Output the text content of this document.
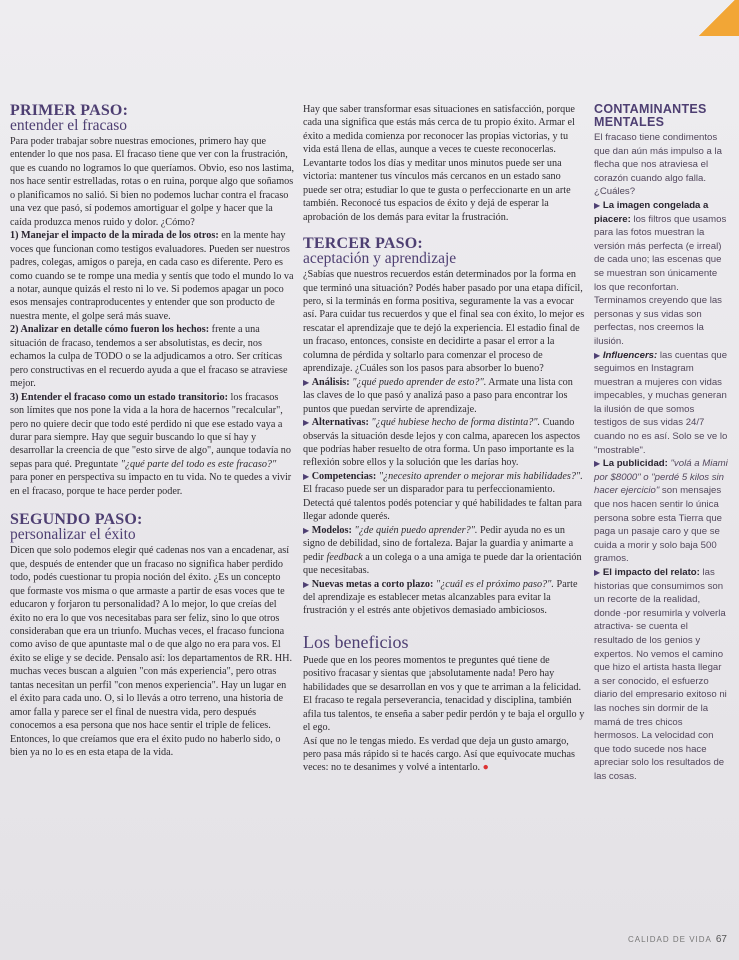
PRIMER PASO:
entender el fracaso

Para poder trabajar sobre nuestras emociones, primero hay que entender lo que nos pasa. El fracaso tiene que ver con la frustración, que es cuando no logramos lo que queríamos. Obvio, eso nos lastima, nos hace sentir estrelladas, rotas o en ruina, porque algo que soñamos o planificamos no salió. Si bien no podemos luchar contra el fracaso una vez que pasó, sí podemos amortiguar el golpe y hacer que la caída produzca menos ruido y dolor. ¿Cómo?

1) Manejar el impacto de la mirada de los otros: en la mente hay voces que funcionan como testigos evaluadores. Pueden ser nuestros padres, colegas, amigos o pareja, en cada caso es diferente. Pero es como cuando se te rompe una media y sentís que todo el mundo lo va a notar, aunque quizás el resto ni lo ve. Si podemos apagar un poco esos mensajes contraproducentes y entender que son producto de nuestra mente, el golpe será más suave.

2) Analizar en detalle cómo fueron los hechos: frente a una situación de fracaso, tendemos a ser absolutistas, es decir, nos echamos la culpa de TODO o se la adjudicamos a otro. Ser críticas pero constructivas en el recuerdo ayuda a que el fracaso se atraviese mejor.

3) Entender el fracaso como un estado transitorio: los fracasos son límites que nos pone la vida a la hora de hacernos "recalcular", pero no quiere decir que todo esté perdido ni que ese estado vaya a durar para siempre. Hay que seguir buscando lo que sí hay y desarrollar la creencia de que "esto sirve de algo", aunque todavía no sepas para qué. Preguntate "¿qué parte del todo es este fracaso?" para poner en perspectiva su impacto en tu vida. No te quedes a vivir en el fracaso, porque te hace perder poder.

SEGUNDO PASO:
personalizar el éxito

Dicen que solo podemos elegir qué cadenas nos van a encadenar, así que, después de entender que un fracaso no significa haber perdido todo, podés cuestionar tu propia noción del éxito. ¿Es un concepto que formaste vos misma o que armaste a partir de esas voces que te educaron y forjaron tu personalidad? A lo mejor, lo que creías del éxito no era lo que vos necesitabas para ser feliz, sino lo que otros consideraban que era un triunfo. Muchas veces, el fracaso funciona como aviso de que apuntaste mal o de que algo no era para vos. El éxito se elige y se decide. Pensalo así: los departamentos de RR. HH. muchas veces buscan a alguien "con más experiencia", pero otras tantas necesitan un perfil "con menos experiencia". Hay un lugar en el éxito para cada uno. O, si lo llevás a otro terreno, una historia de amor falla y parece ser el final de nuestra vida, pero después conocemos a esa persona que nos hace sentir el triple de felices. Entonces, lo que creíamos que era el éxito pudo no haberlo sido, o bien ya no lo es en esta etapa de la vida.

Hay que saber transformar esas situaciones en satisfacción, porque cada una significa que estás más cerca de tu propio éxito. Armar el éxito a medida comienza por reconocer las propias victorias, y tu vida está llena de ellas, aunque a veces te cueste reconocerlas. Levantarte todos los días y meditar unos minutos puede ser una victoria: mantener tus vínculos más cercanos en un estado sano puede ser otra; estudiar lo que te gusta o perfeccionarte en un arte también. Reconocé tus espacios de éxito y dejá de esperar la aprobación de los demás para evitar la frustración.

TERCER PASO:
aceptación y aprendizaje

¿Sabías que nuestros recuerdos están determinados por la forma en que terminó una situación? Podés haber pasado por una etapa difícil, pero, si la terminás en forma positiva, seguramente la vas a evocar así. Para cuidar tus recuerdos y que el final sea con éxito, lo mejor es rescatar el aprendizaje que te dejó la experiencia. El estadio final de un fracaso, entonces, consiste en decidirte a pasar el error a la columna de pérdida y soltarlo para comenzar el proceso de aprendizaje. ¿Cuáles son los pasos para absorber lo bueno?

▶ Análisis: "¿qué puedo aprender de esto?". Armate una lista con las claves de lo que pasó y analizá paso a paso para encontrar los puntos que puedan servirte de aprendizaje.

▶ Alternativas: "¿qué hubiese hecho de forma distinta?". Cuando observás la situación desde lejos y con calma, aparecen los aspectos que podrías haber resuelto de otra forma. Un paso importante es la reflexión sobre ellos y la solución que les darías hoy.

▶ Competencias: "¿necesito aprender o mejorar mis habilidades?". El fracaso puede ser un disparador para tu perfeccionamiento. Detectá qué talentos podés potenciar y qué habilidades te faltan para llegar adonde querés.

▶ Modelos: "¿de quién puedo aprender?". Pedir ayuda no es un signo de debilidad, sino de fortaleza. Bajar la guardia y animarte a pedir feedback a un colega o a una amiga te puede dar la orientación que necesitabas.

▶ Nuevas metas a corto plazo: "¿cuál es el próximo paso?". Parte del aprendizaje es establecer metas alcanzables para evitar la frustración y el estrés ante objetivos demasiado ambiciosos.

Los beneficios

Puede que en los peores momentos te preguntes qué tiene de positivo fracasar y sientas que ¡absolutamente nada! Pero hay habilidades que se desarrollan en vos y que te arriman a la felicidad. El fracaso te regala perseverancia, tenacidad y disciplina, también afila tus talentos, te enseña a saber pedir perdón y te baja el orgullo y el ego.

Así que no le tengas miedo. Es verdad que deja un gusto amargo, pero pasa más rápido si te hacés cargo. Así que equivocate muchas veces: no te desanimes y volvé a intentarlo. ●

CONTAMINANTES MENTALES

El fracaso tiene condimentos que dan aún más impulso a la flecha que nos atraviesa el corazón cuando algo falla. ¿Cuáles?

▶ La imagen congelada a piacere: los filtros que usamos para las fotos muestran la versión más perfecta (e irreal) de cada uno; las escenas que se muestran son únicamente los que reconfortan. Terminamos creyendo que las personas y sus vidas son perfectas, nos creemos la ilusión.

▶ Influencers: las cuentas que seguimos en Instagram muestran a mujeres con vidas impecables, y muchas generan la ilusión de que somos testigos de sus vidas 24/7 cuando no es así. Solo se ve lo "mostrable".

▶ La publicidad: "volá a Miami por $8000" o "perdé 5 kilos sin hacer ejercicio" son mensajes que nos hacen sentir lo única persona sobre esta Tierra que paga un pasaje caro y que se cuida a morir y solo baja 500 gramos.

▶ El impacto del relato: las historias que consumimos son un recorte de la realidad, donde -por resumirla y volverla atractiva- se cuenta el resultado de los genios y expertos. No vemos el camino que hizo el artista hasta llegar a ser conocido, el esfuerzo diario del empresario exitoso ni las noches sin dormir de la mamá de tres chicos hermosos. La velocidad con que todo sucede nos hace apreciar solo los resultados de las cosas.

CALIDAD DE VIDA 67
